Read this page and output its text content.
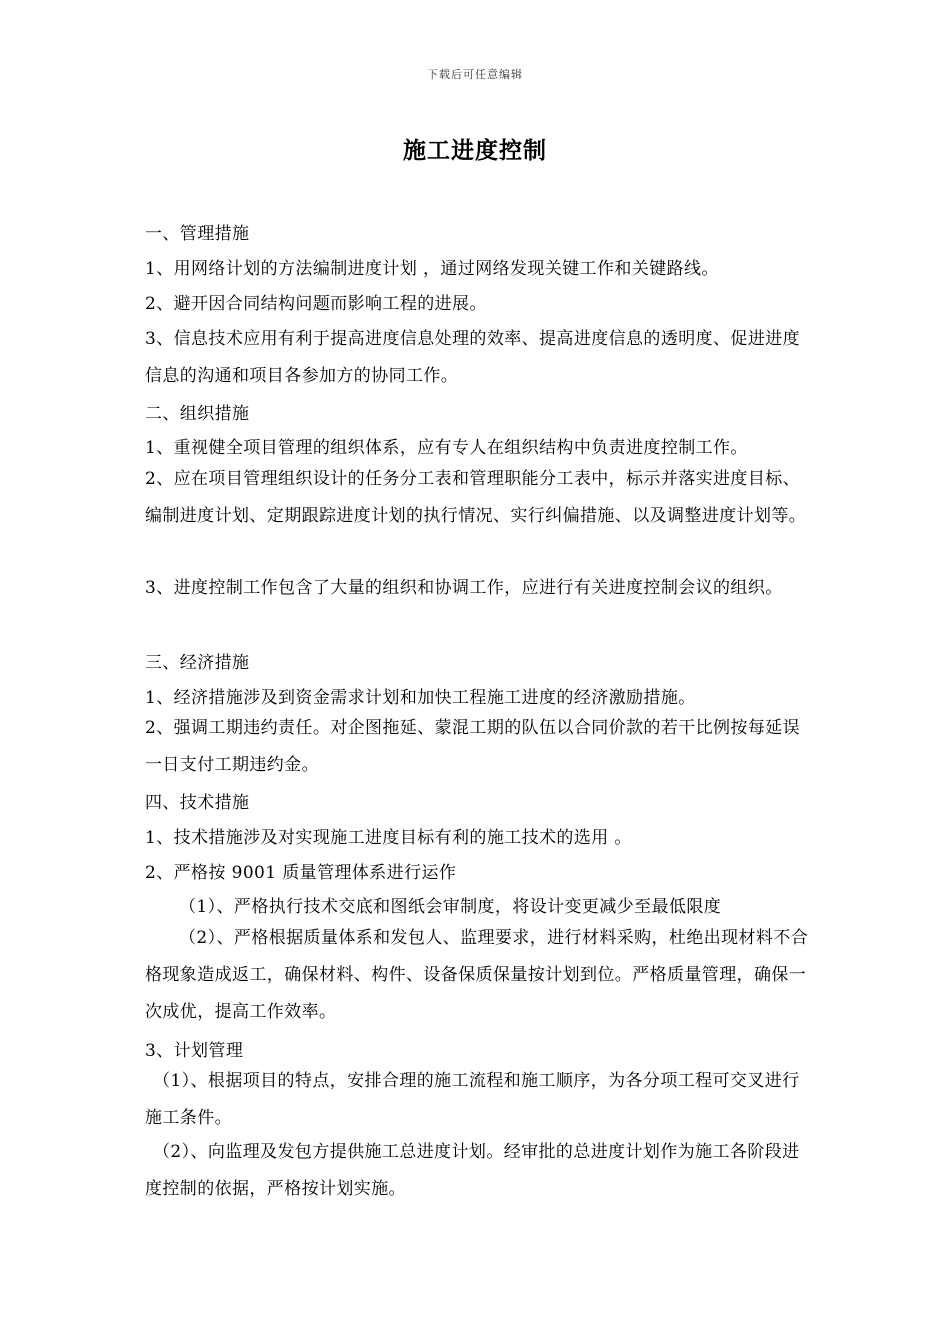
下载后可任意编辑
施工进度控制
一、管理措施
1、用网络计划的方法编制进度计划 ，通过网络发现关键工作和关键路线。
2、避开因合同结构问题而影响工程的进展。
3、信息技术应用有利于提高进度信息处理的效率、提高进度信息的透明度、促进进度信息的沟通和项目各参加方的协同工作。
二、组织措施
1、重视健全项目管理的组织体系，应有专人在组织结构中负责进度控制工作。
2、应在项目管理组织设计的任务分工表和管理职能分工表中，标示并落实进度目标、编制进度计划、定期跟踪进度计划的执行情况、实行纠偏措施、以及调整进度计划等。
3、进度控制工作包含了大量的组织和协调工作，应进行有关进度控制会议的组织。
三、经济措施
1、经济措施涉及到资金需求计划和加快工程施工进度的经济激励措施。
2、强调工期违约责任。对企图拖延、蒙混工期的队伍以合同价款的若干比例按每延误一日支付工期违约金。
四、技术措施
1、技术措施涉及对实现施工进度目标有利的施工技术的选用 。
2、严格按 9001 质量管理体系进行运作
（1）、严格执行技术交底和图纸会审制度，将设计变更减少至最低限度
（2）、严格根据质量体系和发包人、监理要求，进行材料采购，杜绝出现材料不合格现象造成返工，确保材料、构件、设备保质保量按计划到位。严格质量管理，确保一次成优，提高工作效率。
3、计划管理
（1）、根据项目的特点，安排合理的施工流程和施工顺序，为各分项工程可交叉进行施工条件。
（2）、向监理及发包方提供施工总进度计划。经审批的总进度计划作为施工各阶段进度控制的依据，严格按计划实施。
